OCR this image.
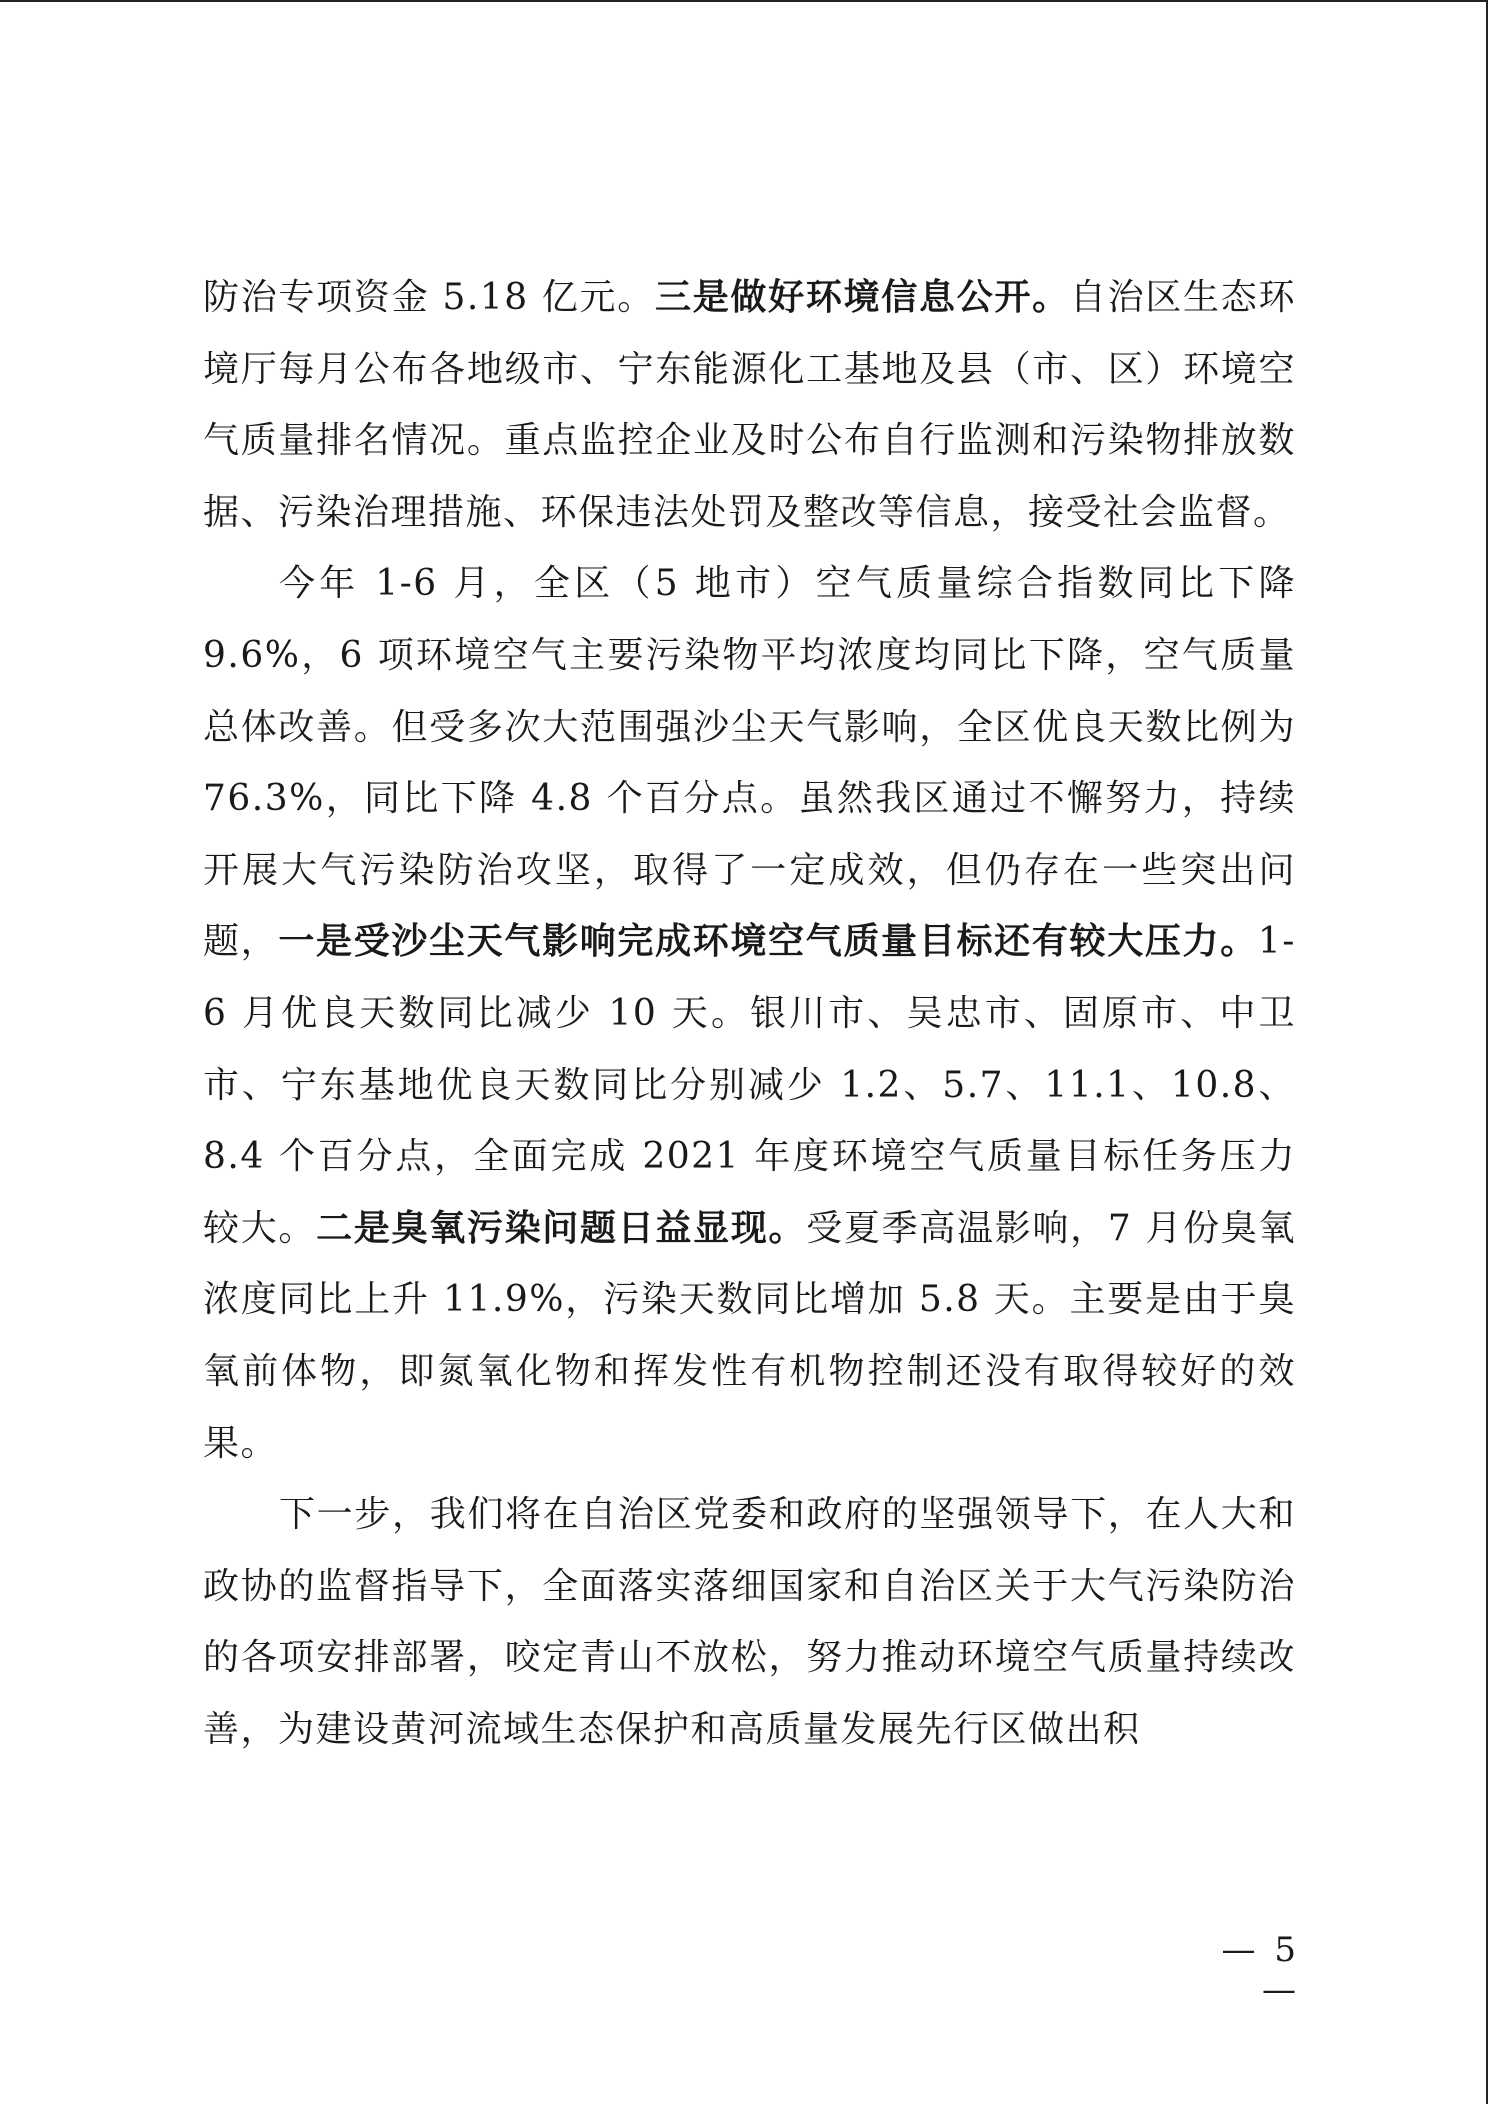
防治专项资金 5.18 亿元。三是做好环境信息公开。自治区生态环境厅每月公布各地级市、宁东能源化工基地及县（市、区）环境空气质量排名情况。重点监控企业及时公布自行监测和污染物排放数据、污染治理措施、环保违法处罚及整改等信息，接受社会监督。

今年 1-6 月，全区（5 地市）空气质量综合指数同比下降 9.6%，6 项环境空气主要污染物平均浓度均同比下降，空气质量总体改善。但受多次大范围强沙尘天气影响，全区优良天数比例为 76.3%，同比下降 4.8 个百分点。虽然我区通过不懈努力，持续开展大气污染防治攻坚，取得了一定成效，但仍存在一些突出问题，一是受沙尘天气影响完成环境空气质量目标还有较大压力。1-6 月优良天数同比减少 10 天。银川市、吴忠市、固原市、中卫市、宁东基地优良天数同比分别减少 1.2、5.7、11.1、10.8、8.4 个百分点，全面完成 2021 年度环境空气质量目标任务压力较大。二是臭氧污染问题日益显现。受夏季高温影响，7 月份臭氧浓度同比上升 11.9%，污染天数同比增加 5.8 天。主要是由于臭氧前体物，即氮氧化物和挥发性有机物控制还没有取得较好的效果。

下一步，我们将在自治区党委和政府的坚强领导下，在人大和政协的监督指导下，全面落实落细国家和自治区关于大气污染防治的各项安排部署，咬定青山不放松，努力推动环境空气质量持续改善，为建设黄河流域生态保护和高质量发展先行区做出积

— 5 —
